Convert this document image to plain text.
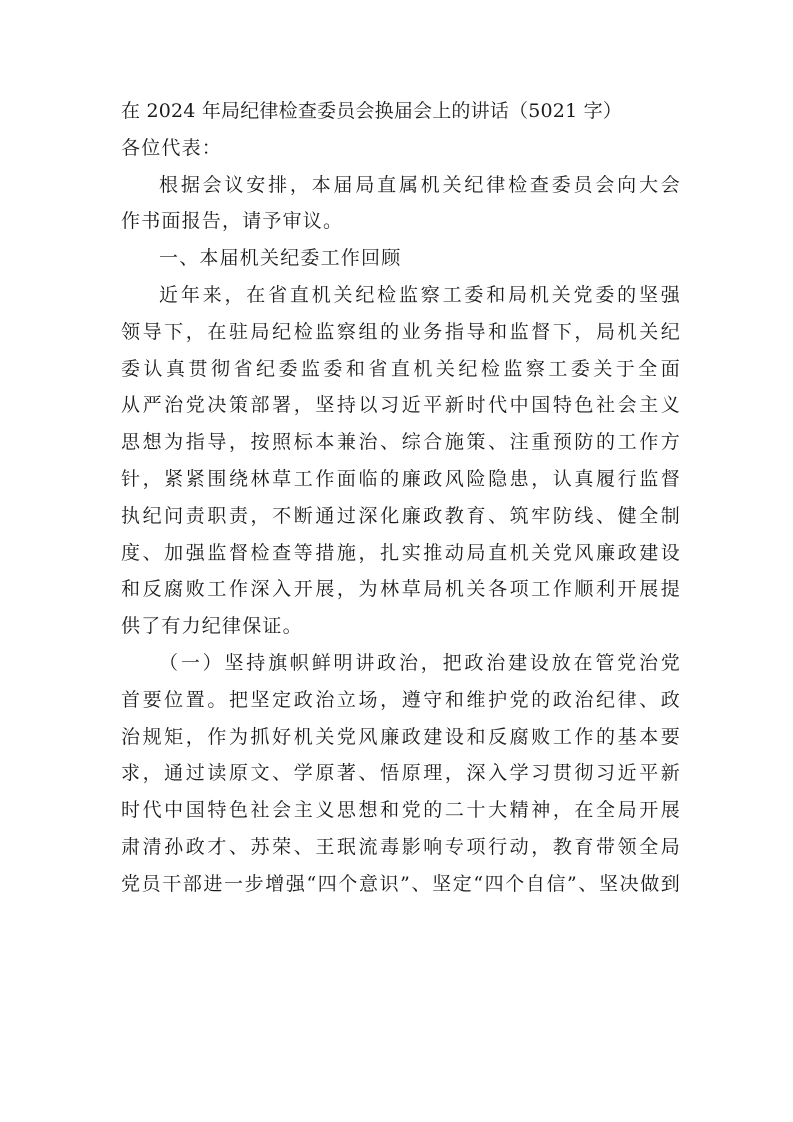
在 2024 年局纪律检查委员会换届会上的讲话（5021 字）
各位代表：
根据会议安排，本届局直属机关纪律检查委员会向大会
作书面报告，请予审议。
一、本届机关纪委工作回顾
近年来，在省直机关纪检监察工委和局机关党委的坚强
领导下，在驻局纪检监察组的业务指导和监督下，局机关纪
委认真贯彻省纪委监委和省直机关纪检监察工委关于全面
从严治党决策部署，坚持以习近平新时代中国特色社会主义
思想为指导，按照标本兼治、综合施策、注重预防的工作方
针，紧紧围绕林草工作面临的廉政风险隐患，认真履行监督
执纪问责职责，不断通过深化廉政教育、筑牢防线、健全制
度、加强监督检查等措施，扎实推动局直机关党风廉政建设
和反腐败工作深入开展，为林草局机关各项工作顺利开展提
供了有力纪律保证。
（一）坚持旗帜鲜明讲政治，把政治建设放在管党治党
首要位置。把坚定政治立场，遵守和维护党的政治纪律、政
治规矩，作为抓好机关党风廉政建设和反腐败工作的基本要
求，通过读原文、学原著、悟原理，深入学习贯彻习近平新
时代中国特色社会主义思想和党的二十大精神，在全局开展
肃清孙政才、苏荣、王珉流毒影响专项行动，教育带领全局
党员干部进一步增强“四个意识”、坚定“四个自信”、坚决做到
